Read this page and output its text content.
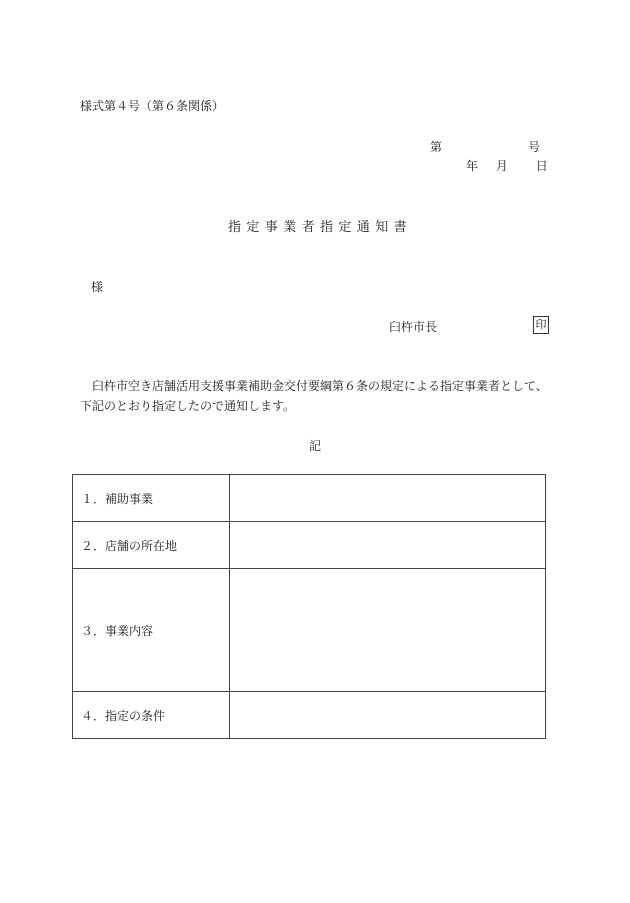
様式第４号（第６条関係）
第	号
年 月 日
指定事業者指定通知書
様
臼杵市長	印
臼杵市空き店舗活用支援事業補助金交付要綱第６条の規定による指定事業者として、
下記のとおり指定したので通知します。
記
１．補助事業	
２．店舗の所在地	
３．事業内容	
４．指定の条件	
